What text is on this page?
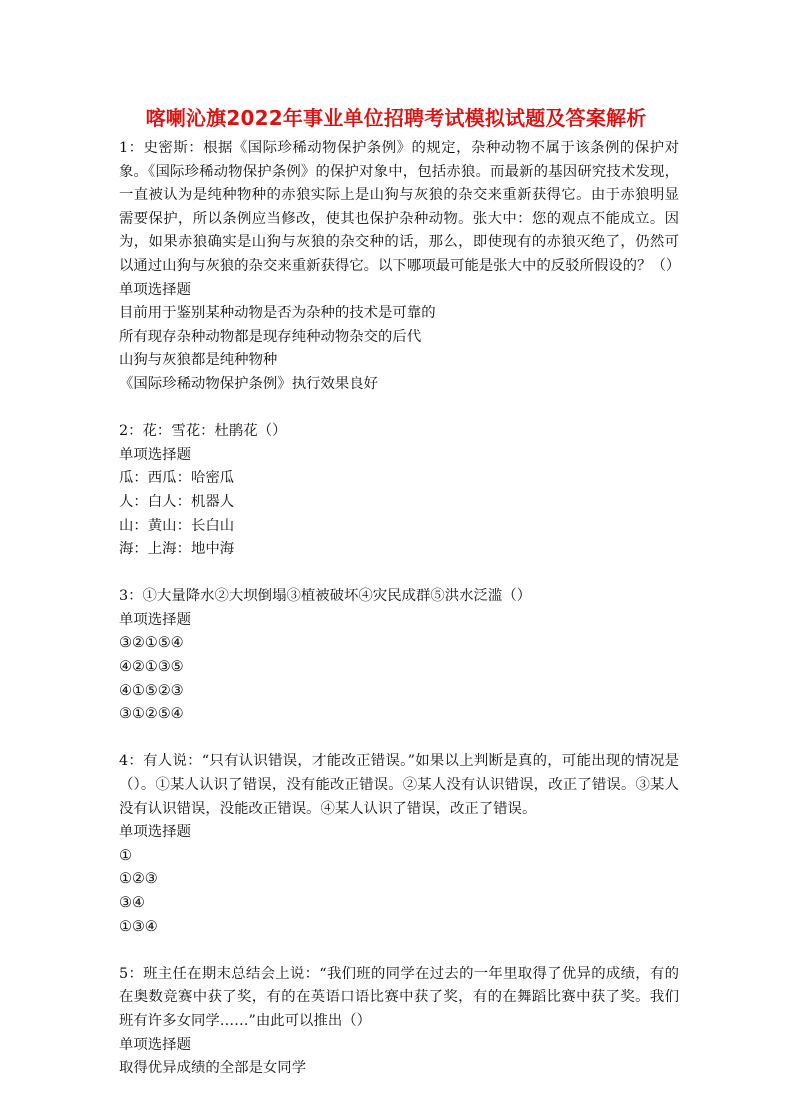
喀喇沁旗2022年事业单位招聘考试模拟试题及答案解析

1：史密斯：根据《国际珍稀动物保护条例》的规定，杂种动物不属于该条例的保护对象。《国际珍稀动物保护条例》的保护对象中，包括赤狼。而最新的基因研究技术发现，一直被认为是纯种物种的赤狼实际上是山狗与灰狼的杂交来重新获得它。由于赤狼明显需要保护，所以条例应当修改，使其也保护杂种动物。张大中：您的观点不能成立。因为，如果赤狼确实是山狗与灰狼的杂交种的话，那么，即使现有的赤狼灭绝了，仍然可以通过山狗与灰狼的杂交来重新获得它。以下哪项最可能是张大中的反驳所假设的？（）

单项选择题

目前用于鉴别某种动物是否为杂种的技术是可靠的

所有现存杂种动物都是现存纯种动物杂交的后代

山狗与灰狼都是纯种物种

《国际珍稀动物保护条例》执行效果良好

2：花：雪花：杜鹃花（）

单项选择题

瓜：西瓜：哈密瓜

人：白人：机器人

山：黄山：长白山

海：上海：地中海

3：①大量降水②大坝倒塌③植被破坏④灾民成群⑤洪水泛滥（）

单项选择题

③②①⑤④

④②①③⑤

④①⑤②③

③①②⑤④

4：有人说：“只有认识错误，才能改正错误。”如果以上判断是真的，可能出现的情况是（）。①某人认识了错误，没有能改正错误。②某人没有认识错误，改正了错误。③某人没有认识错误，没能改正错误。④某人认识了错误，改正了错误。

单项选择题

①

①②③

③④

①③④

5：班主任在期末总结会上说：“我们班的同学在过去的一年里取得了优异的成绩，有的在奥数竞赛中获了奖，有的在英语口语比赛中获了奖，有的在舞蹈比赛中获了奖。我们班有许多女同学……”由此可以推出（）

单项选择题

取得优异成绩的全部是女同学
